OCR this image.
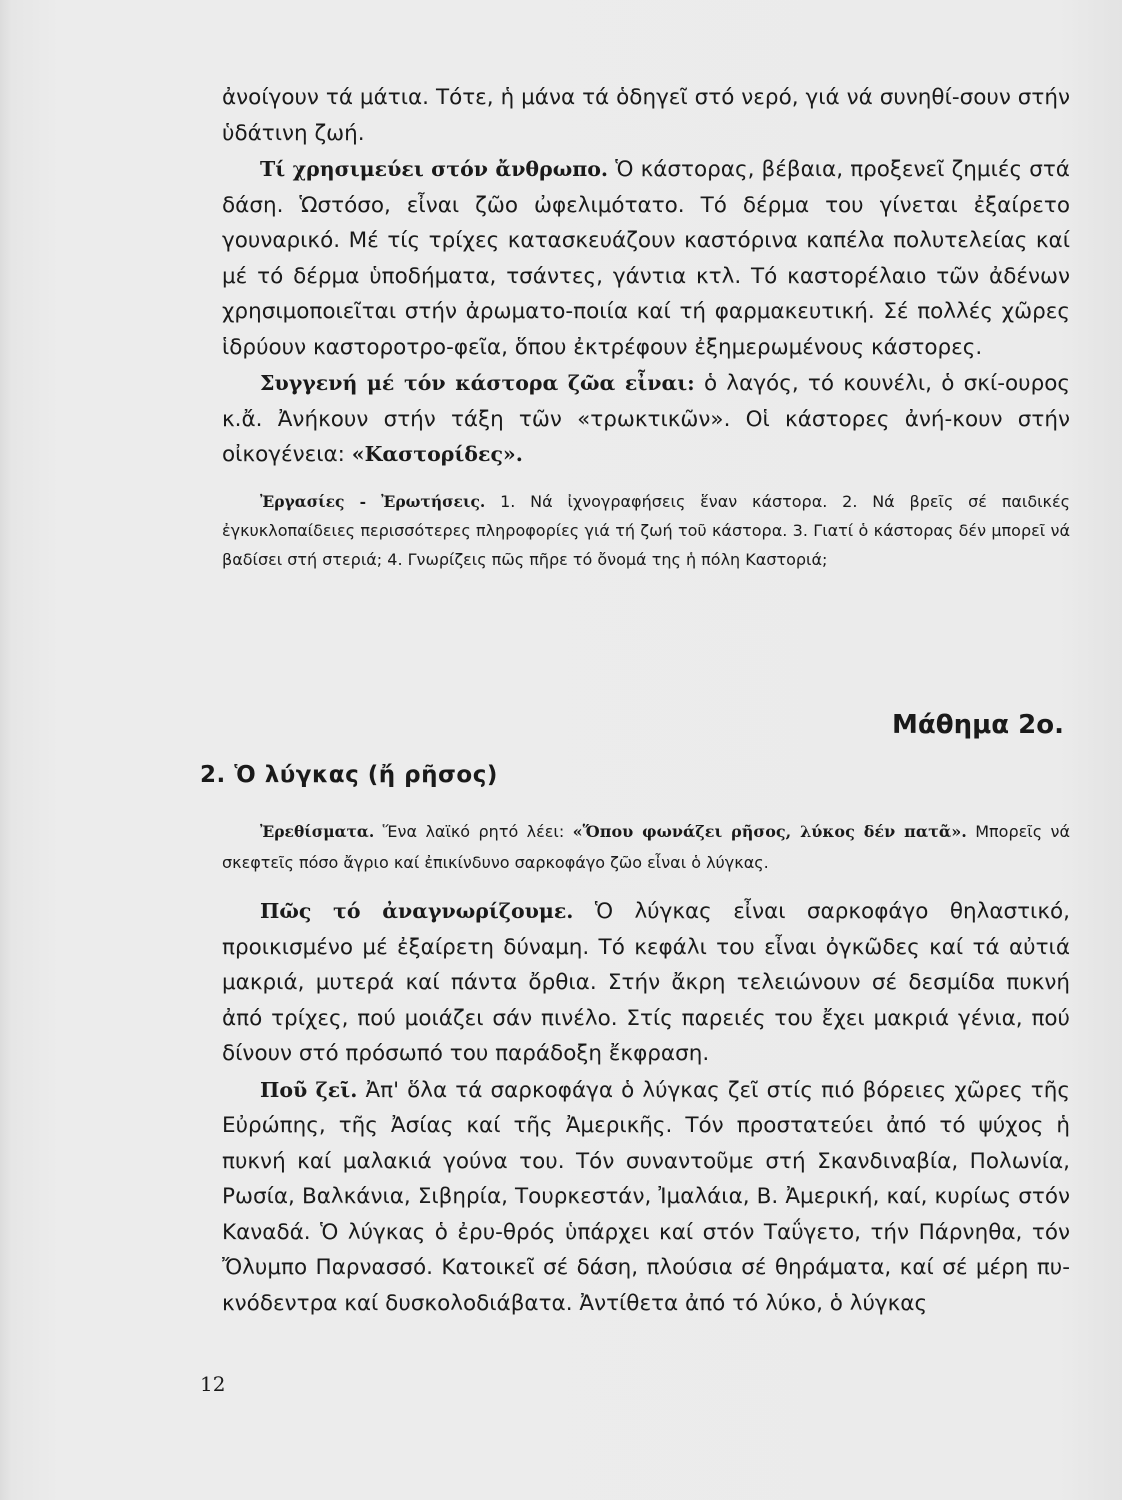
ἀνοίγουν τά μάτια. Τότε, ἡ μάνα τά ὁδηγεῖ στό νερό, γιά νά συνηθί-σουν στήν ὑδάτινη ζωή.

Τί χρησιμεύει στόν ἄνθρωπο. Ὁ κάστορας, βέβαια, προξενεῖ ζημιές στά δάση. Ὡστόσο, εἶναι ζῶο ὠφελιμότατο. Τό δέρμα του γίνεται ἐξαίρετο γουναρικό. Μέ τίς τρίχες κατασκευάζουν καστόρινα καπέλα πολυτελείας καί μέ τό δέρμα ὑποδήματα, τσάντες, γάντια κτλ. Τό καστορέλαιο τῶν ἀδένων χρησιμοποιεῖται στήν ἀρωματο-ποιία καί τή φαρμακευτική. Σέ πολλές χῶρες ἱδρύουν καστοροτρο-φεῖα, ὅπου ἐκτρέφουν ἐξημερωμένους κάστορες.

Συγγενή μέ τόν κάστορα ζῶα εἶναι: ὁ λαγός, τό κουνέλι, ὁ σκί-ουρος κ.ἄ. Ἀνήκουν στήν τάξη τῶν «τρωκτικῶν». Οἱ κάστορες ἀνή-κουν στήν οἰκογένεια: «Καστορίδες».

Ἐργασίες - Ἐρωτήσεις. 1. Νά ἰχνογραφήσεις ἕναν κάστορα. 2. Νά βρεῖς σέ παιδικές ἐγκυκλοπαίδειες περισσότερες πληροφορίες γιά τή ζωή τοῦ κάστορα. 3. Γιατί ὁ κάστορας δέν μπορεῖ νά βαδίσει στή στεριά; 4. Γνωρίζεις πῶς πῆρε τό ὄνομά της ἡ πόλη Καστοριά;

Μάθημα 2ο.
2. Ὁ λύγκας (ἤ ρῆσος)

Ἐρεθίσματα. Ἕνα λαϊκό ρητό λέει: «Ὅπου φωνάζει ρῆσος, λύκος δέν πατᾶ». Μπορεῖς νά σκεφτεῖς πόσο ἄγριο καί ἐπικίνδυνο σαρκοφάγο ζῶο εἶναι ὁ λύγκας.

Πῶς τό ἀναγνωρίζουμε. Ὁ λύγκας εἶναι σαρκοφάγο θηλαστικό, προικισμένο μέ ἐξαίρετη δύναμη. Τό κεφάλι του εἶναι ὀγκῶδες καί τά αὐτιά μακριά, μυτερά καί πάντα ὄρθια. Στήν ἄκρη τελειώνουν σέ δεσμίδα πυκνή ἀπό τρίχες, πού μοιάζει σάν πινέλο. Στίς παρειές του ἔχει μακριά γένια, πού δίνουν στό πρόσωπό του παράδοξη ἔκφραση.

Ποῦ ζεῖ. Ἀπ' ὅλα τά σαρκοφάγα ὁ λύγκας ζεῖ στίς πιό βόρειες χῶρες τῆς Εὐρώπης, τῆς Ἀσίας καί τῆς Ἀμερικῆς. Τόν προστατεύει ἀπό τό ψύχος ἡ πυκνή καί μαλακιά γούνα του. Τόν συναντοῦμε στή Σκανδιναβία, Πολωνία, Ρωσία, Βαλκάνια, Σιβηρία, Τουρκεστάν, Ἰμαλάια, Β. Ἀμερική, καί, κυρίως στόν Καναδά. Ὁ λύγκας ὁ ἐρυ-θρός ὑπάρχει καί στόν Ταΰγετο, τήν Πάρνηθα, τόν Ὄλυμπο Παρνασσό. Κατοικεῖ σέ δάση, πλούσια σέ θηράματα, καί σέ μέρη πυ-κνόδεντρα καί δυσκολοδιάβατα. Ἀντίθετα ἀπό τό λύκο, ὁ λύγκας

12
